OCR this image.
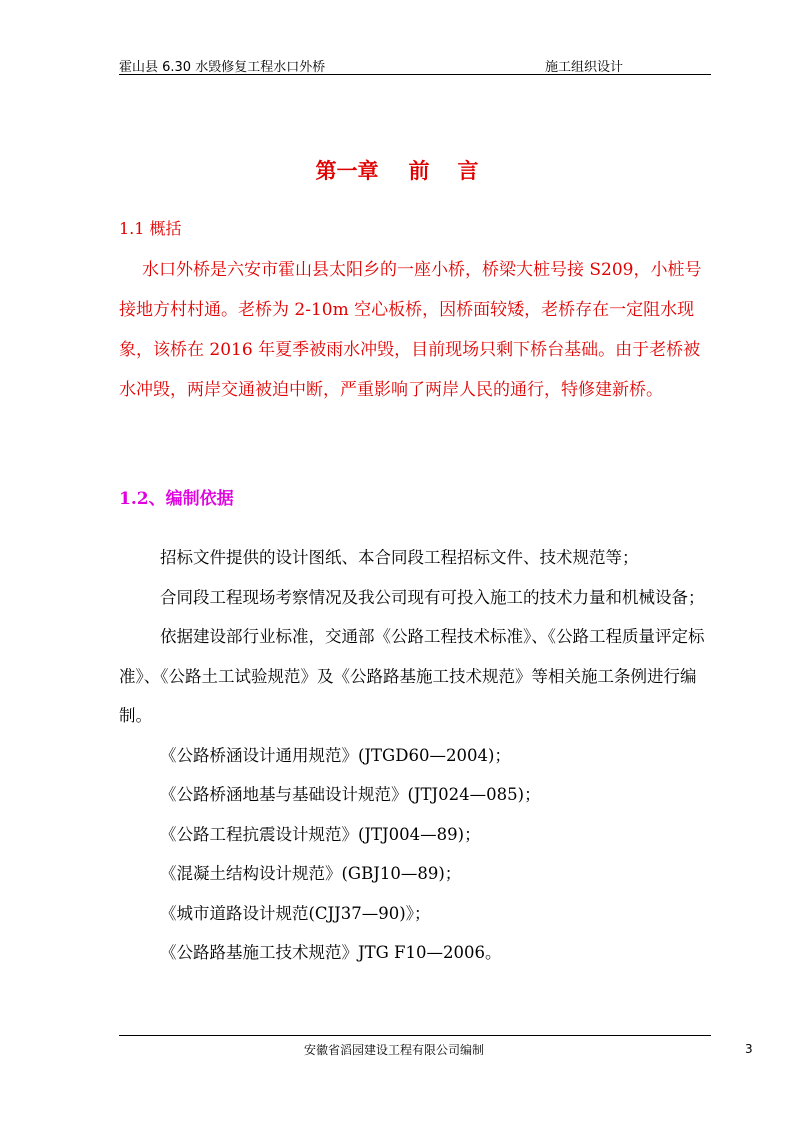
霍山县 6.30 水毁修复工程水口外桥	施工组织设计
第一章 前 言
1.1 概括
水口外桥是六安市霍山县太阳乡的一座小桥，桥梁大桩号接 S209，小桩号接地方村村通。老桥为 2-10m 空心板桥，因桥面较矮，老桥存在一定阻水现象，该桥在 2016 年夏季被雨水冲毁，目前现场只剩下桥台基础。由于老桥被水冲毁，两岸交通被迫中断，严重影响了两岸人民的通行，特修建新桥。
1.2、编制依据

招标文件提供的设计图纸、本合同段工程招标文件、技术规范等；

合同段工程现场考察情况及我公司现有可投入施工的技术力量和机械设备；

依据建设部行业标准，交通部《公路工程技术标准》、《公路工程质量评定标准》、《公路土工试验规范》及《公路路基施工技术规范》等相关施工条例进行编制。

《公路桥涵设计通用规范》(JTGD60—2004)；
《公路桥涵地基与基础设计规范》(JTJ024—085)；
《公路工程抗震设计规范》(JTJ004—89)；
《混凝土结构设计规范》(GBJ10—89)；
《城市道路设计规范(CJJ37—90)》；
《公路路基施工技术规范》JTG F10—2006。
安徽省滔园建设工程有限公司编制	3
